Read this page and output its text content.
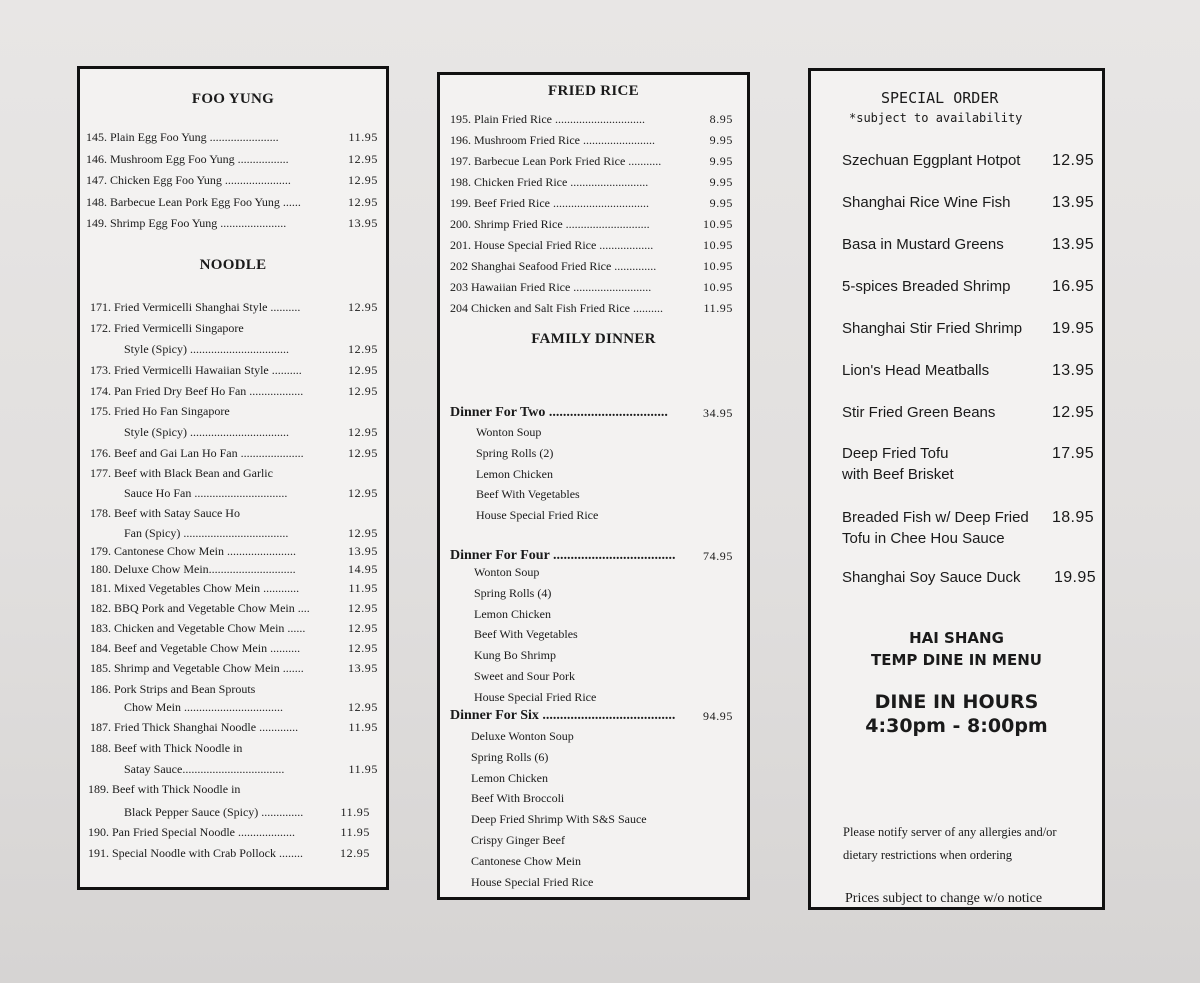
FOO YUNG
145. Plain Egg Foo Yung .......................	11.95
146. Mushroom Egg Foo Yung .................	12.95
147. Chicken Egg Foo Yung ......................	12.95
148. Barbecue Lean Pork Egg Foo Yung ......	12.95
149. Shrimp Egg Foo Yung ......................	13.95
NOODLE
171. Fried Vermicelli Shanghai Style ..........	12.95
172. Fried Vermicelli Singapore
Style (Spicy) .................................	12.95
173. Fried Vermicelli Hawaiian Style ..........	12.95
174. Pan Fried Dry Beef Ho Fan ..................	12.95
175. Fried Ho Fan Singapore
Style (Spicy) .................................	12.95
176. Beef and Gai Lan Ho Fan .....................	12.95
177. Beef with Black Bean and Garlic
Sauce Ho Fan ...............................	12.95
178. Beef with Satay Sauce Ho
Fan (Spicy) ...................................	12.95
179. Cantonese Chow Mein .......................	13.95
180. Deluxe Chow Mein.............................	14.95
181. Mixed Vegetables Chow Mein ............	11.95
182. BBQ Pork and Vegetable Chow Mein ....	12.95
183. Chicken and Vegetable Chow Mein ......	12.95
184. Beef and Vegetable Chow Mein ..........	12.95
185. Shrimp and Vegetable Chow Mein .......	13.95
186. Pork Strips and Bean Sprouts
Chow Mein .................................	12.95
187. Fried Thick Shanghai Noodle .............	11.95
188. Beef with Thick Noodle in
Satay Sauce..................................	11.95
189. Beef with Thick Noodle in
Black Pepper Sauce (Spicy) ..............	11.95
190. Pan Fried Special Noodle ...................	11.95
191. Special Noodle with Crab Pollock ........	12.95
FRIED RICE
195. Plain Fried Rice ..............................	8.95
196. Mushroom Fried Rice ........................	9.95
197. Barbecue Lean Pork Fried Rice ...........	9.95
198. Chicken Fried Rice ..........................	9.95
199. Beef Fried Rice ................................	9.95
200. Shrimp Fried Rice ............................	10.95
201. House Special Fried Rice ..................	10.95
202 Shanghai Seafood Fried Rice ..............	10.95
203 Hawaiian Fried Rice ..........................	10.95
204 Chicken and Salt Fish Fried Rice ..........	11.95
FAMILY DINNER
Dinner For Two ..................................	34.95
Wonton Soup
Spring Rolls (2)
Lemon Chicken
Beef With Vegetables
House Special Fried Rice
Dinner For Four ...................................	74.95
Wonton Soup
Spring Rolls (4)
Lemon Chicken
Beef With Vegetables
Kung Bo Shrimp
Sweet and Sour Pork
House Special Fried Rice
Dinner For Six ......................................	94.95
Deluxe Wonton Soup
Spring Rolls (6)
Lemon Chicken
Beef With Broccoli
Deep Fried Shrimp With S&S Sauce
Crispy Ginger Beef
Cantonese Chow Mein
House Special Fried Rice
SPECIAL ORDER
*subject to availability
Szechuan Eggplant Hotpot	12.95
Shanghai Rice Wine Fish	13.95
Basa in Mustard Greens	13.95
5-spices Breaded Shrimp	16.95
Shanghai Stir Fried Shrimp	19.95
Lion's Head Meatballs	13.95
Stir Fried Green Beans	12.95
Deep Fried Tofu
with Beef Brisket
17.95
Breaded Fish w/ Deep Fried
Tofu in Chee Hou Sauce
18.95
Shanghai Soy Sauce Duck	19.95
HAI SHANG
TEMP DINE IN MENU
DINE IN HOURS
4:30pm - 8:00pm
Please notify server of any allergies and/or
dietary restrictions when ordering
Prices subject to change w/o notice
